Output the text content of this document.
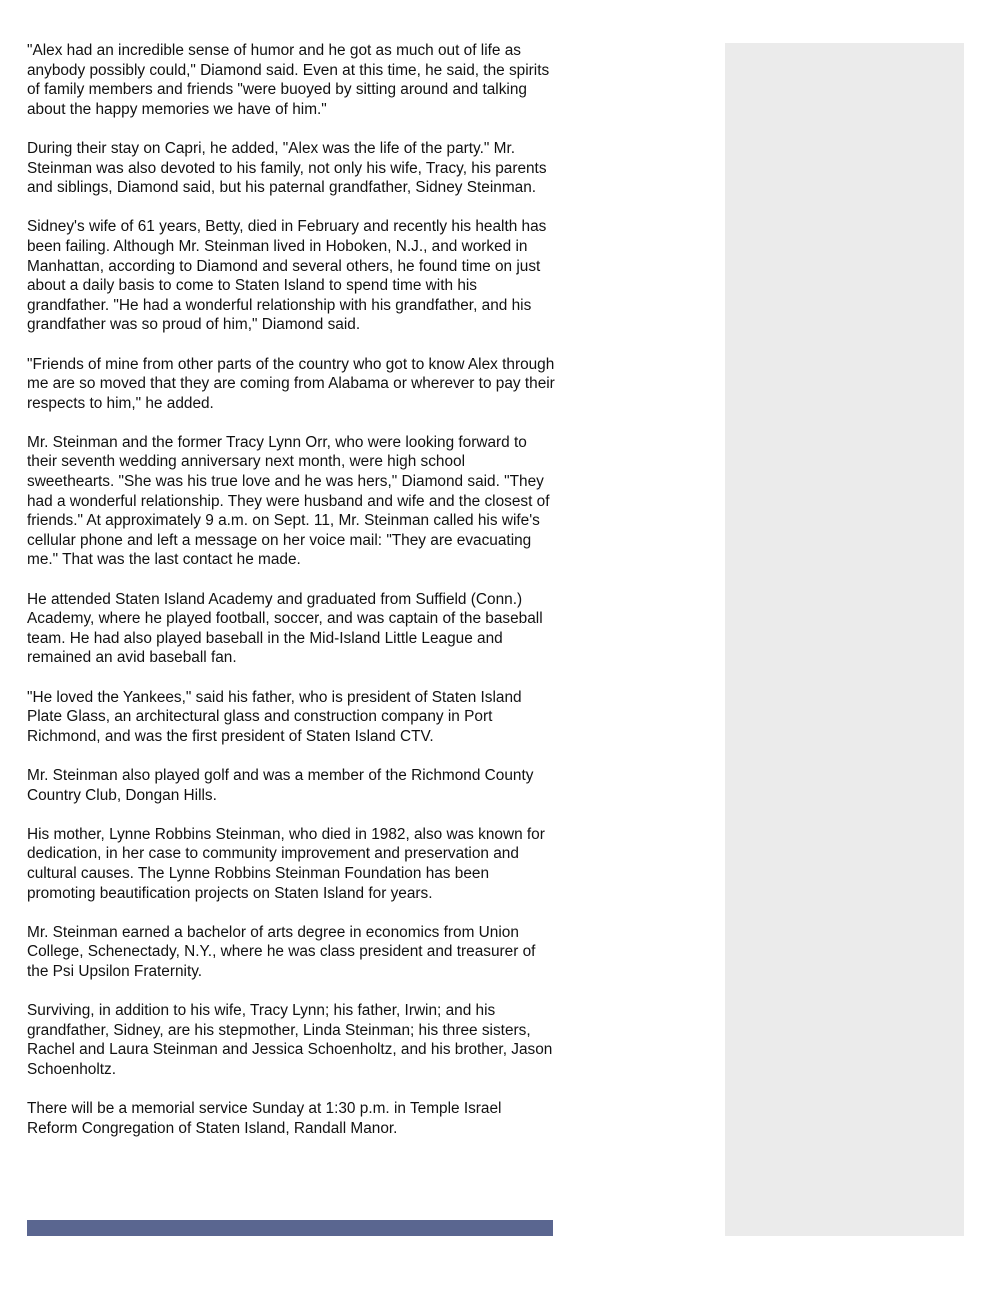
"Alex had an incredible sense of humor and he got as much out of life as anybody possibly could," Diamond said. Even at this time, he said, the spirits of family members and friends "were buoyed by sitting around and talking about the happy memories we have of him."

During their stay on Capri, he added, "Alex was the life of the party." Mr. Steinman was also devoted to his family, not only his wife, Tracy, his parents and siblings, Diamond said, but his paternal grandfather, Sidney Steinman.

Sidney's wife of 61 years, Betty, died in February and recently his health has been failing. Although Mr. Steinman lived in Hoboken, N.J., and worked in Manhattan, according to Diamond and several others, he found time on just about a daily basis to come to Staten Island to spend time with his grandfather. "He had a wonderful relationship with his grandfather, and his grandfather was so proud of him," Diamond said.

"Friends of mine from other parts of the country who got to know Alex through me are so moved that they are coming from Alabama or wherever to pay their respects to him," he added.

Mr. Steinman and the former Tracy Lynn Orr, who were looking forward to their seventh wedding anniversary next month, were high school sweethearts. "She was his true love and he was hers," Diamond said. "They had a wonderful relationship. They were husband and wife and the closest of friends." At approximately 9 a.m. on Sept. 11, Mr. Steinman called his wife's cellular phone and left a message on her voice mail: "They are evacuating me." That was the last contact he made.

He attended Staten Island Academy and graduated from Suffield (Conn.) Academy, where he played football, soccer, and was captain of the baseball team. He had also played baseball in the Mid-Island Little League and remained an avid baseball fan.

"He loved the Yankees," said his father, who is president of Staten Island Plate Glass, an architectural glass and construction company in Port Richmond, and was the first president of Staten Island CTV.

Mr. Steinman also played golf and was a member of the Richmond County Country Club, Dongan Hills.

His mother, Lynne Robbins Steinman, who died in 1982, also was known for dedication, in her case to community improvement and preservation and cultural causes. The Lynne Robbins Steinman Foundation has been promoting beautification projects on Staten Island for years.

Mr. Steinman earned a bachelor of arts degree in economics from Union College, Schenectady, N.Y., where he was class president and treasurer of the Psi Upsilon Fraternity.

Surviving, in addition to his wife, Tracy Lynn; his father, Irwin; and his grandfather, Sidney, are his stepmother, Linda Steinman; his three sisters, Rachel and Laura Steinman and Jessica Schoenholtz, and his brother, Jason Schoenholtz.

There will be a memorial service Sunday at 1:30 p.m. in Temple Israel Reform Congregation of Staten Island, Randall Manor.
